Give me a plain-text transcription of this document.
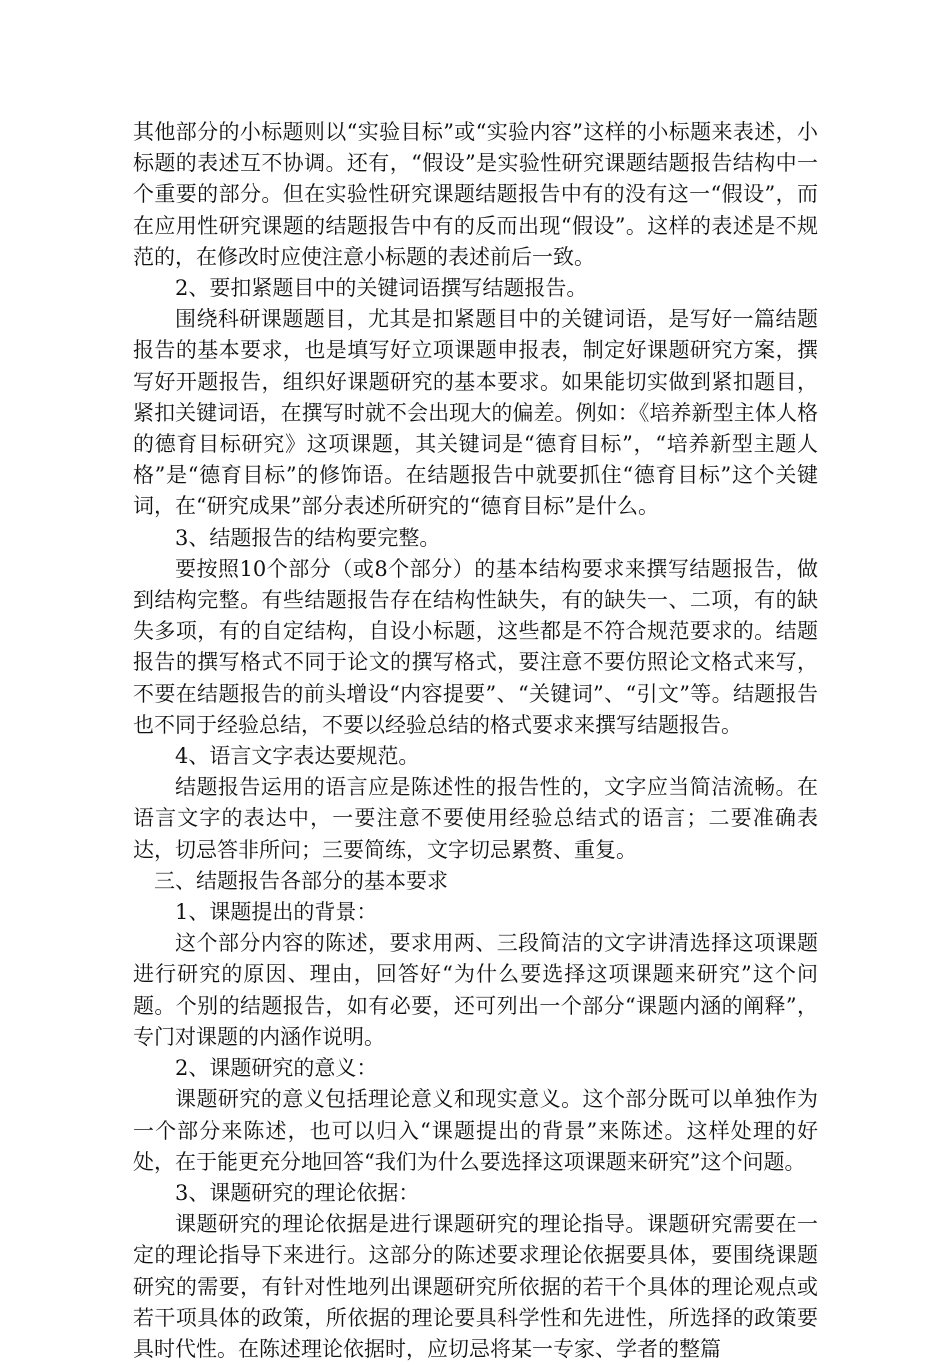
其他部分的小标题则以“实验目标”或“实验内容”这样的小标题来表述，小标题的表述互不协调。还有，“假设”是实验性研究课题结题报告结构中一个重要的部分。但在实验性研究课题结题报告中有的没有这一“假设”，而在应用性研究课题的结题报告中有的反而出现“假设”。这样的表述是不规范的，在修改时应使注意小标题的表述前后一致。

2、要扣紧题目中的关键词语撰写结题报告。

围绕科研课题题目，尤其是扣紧题目中的关键词语，是写好一篇结题报告的基本要求，也是填写好立项课题申报表，制定好课题研究方案，撰写好开题报告，组织好课题研究的基本要求。如果能切实做到紧扣题目，紧扣关键词语，在撰写时就不会出现大的偏差。例如：《培养新型主体人格的德育目标研究》这项课题，其关键词是“德育目标”，“培养新型主题人格”是“德育目标”的修饰语。在结题报告中就要抓住“德育目标”这个关键词，在“研究成果”部分表述所研究的“德育目标”是什么。

3、结题报告的结构要完整。

要按照10个部分（或8个部分）的基本结构要求来撰写结题报告，做到结构完整。有些结题报告存在结构性缺失，有的缺失一、二项，有的缺失多项，有的自定结构，自设小标题，这些都是不符合规范要求的。结题报告的撰写格式不同于论文的撰写格式，要注意不要仿照论文格式来写，不要在结题报告的前头增设“内容提要”、“关键词”、“引文”等。结题报告也不同于经验总结，不要以经验总结的格式要求来撰写结题报告。

4、语言文字表达要规范。

结题报告运用的语言应是陈述性的报告性的，文字应当简洁流畅。在语言文字的表达中，一要注意不要使用经验总结式的语言；二要准确表达，切忌答非所问；三要简练，文字切忌累赘、重复。

三、结题报告各部分的基本要求

1、课题提出的背景：

这个部分内容的陈述，要求用两、三段简洁的文字讲清选择这项课题进行研究的原因、理由，回答好“为什么要选择这项课题来研究”这个问题。个别的结题报告，如有必要，还可列出一个部分“课题内涵的阐释”，专门对课题的内涵作说明。

2、课题研究的意义：

课题研究的意义包括理论意义和现实意义。这个部分既可以单独作为一个部分来陈述，也可以归入“课题提出的背景”来陈述。这样处理的好处，在于能更充分地回答“我们为什么要选择这项课题来研究”这个问题。

3、课题研究的理论依据：

课题研究的理论依据是进行课题研究的理论指导。课题研究需要在一定的理论指导下来进行。这部分的陈述要求理论依据要具体，要围绕课题研究的需要，有针对性地列出课题研究所依据的若干个具体的理论观点或若干项具体的政策，所依据的理论要具科学性和先进性，所选择的政策要具时代性。在陈述理论依据时，应切忌将某一专家、学者的整篇
